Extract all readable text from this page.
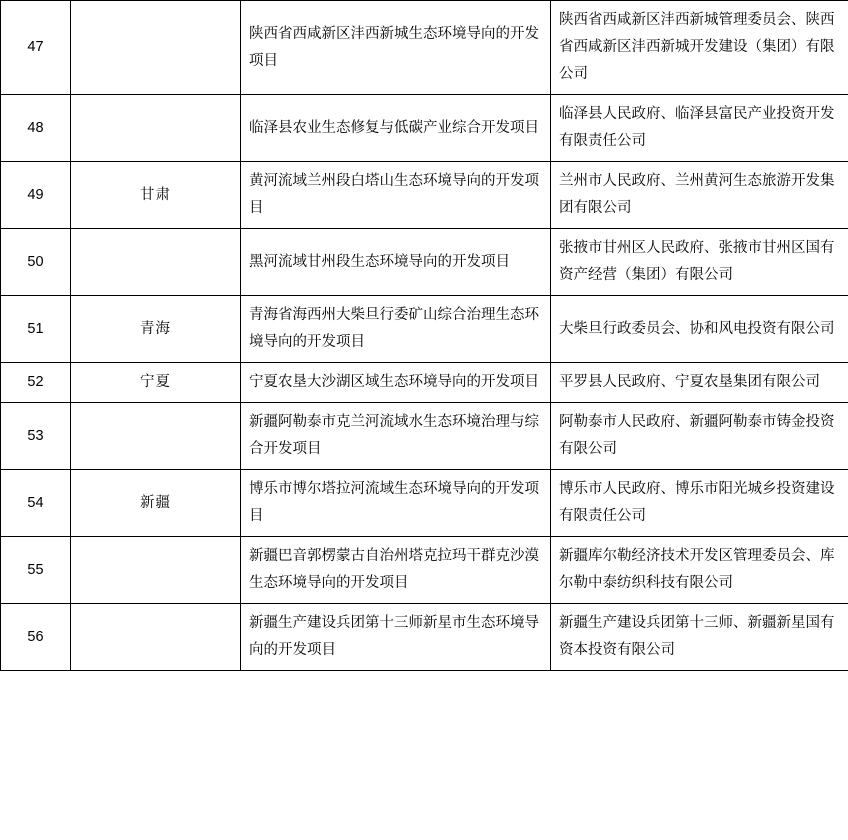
47		陕西省西咸新区沣西新城生态环境导向的开发项目	陕西省西咸新区沣西新城管理委员会、陕西省西咸新区沣西新城开发建设（集团）有限公司
48		临泽县农业生态修复与低碳产业综合开发项目	临泽县人民政府、临泽县富民产业投资开发有限责任公司
49	甘肃	黄河流域兰州段白塔山生态环境导向的开发项目	兰州市人民政府、兰州黄河生态旅游开发集团有限公司
50		黑河流域甘州段生态环境导向的开发项目	张掖市甘州区人民政府、张掖市甘州区国有资产经营（集团）有限公司
51	青海	青海省海西州大柴旦行委矿山综合治理生态环境导向的开发项目	大柴旦行政委员会、协和风电投资有限公司
52	宁夏	宁夏农垦大沙湖区域生态环境导向的开发项目	平罗县人民政府、宁夏农垦集团有限公司
53		新疆阿勒泰市克兰河流域水生态环境治理与综合开发项目	阿勒泰市人民政府、新疆阿勒泰市铸金投资有限公司
54	新疆	博乐市博尔塔拉河流域生态环境导向的开发项目	博乐市人民政府、博乐市阳光城乡投资建设有限责任公司
55		新疆巴音郭楞蒙古自治州塔克拉玛干群克沙漠生态环境导向的开发项目	新疆库尔勒经济技术开发区管理委员会、库尔勒中泰纺织科技有限公司
56		新疆生产建设兵团第十三师新星市生态环境导向的开发项目	新疆生产建设兵团第十三师、新疆新星国有资本投资有限公司
